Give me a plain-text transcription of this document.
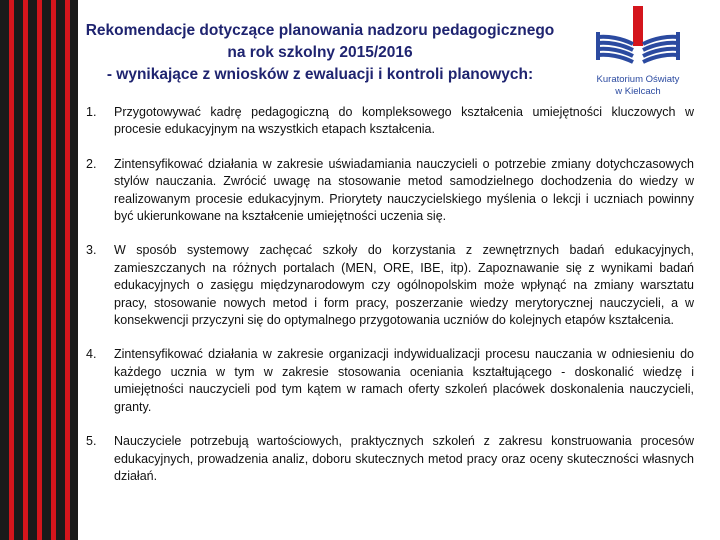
Rekomendacje dotyczące planowania nadzoru pedagogicznego
na rok szkolny 2015/2016
- wynikające z wniosków z ewaluacji i kontroli planowych:	Kuratorium Oświaty
w Kielcach
1. Przygotowywać kadrę pedagogiczną do kompleksowego kształcenia umiejętności kluczowych w procesie edukacyjnym na wszystkich etapach kształcenia.
2. Zintensyfikować działania w zakresie uświadamiania nauczycieli o potrzebie zmiany dotychczasowych stylów nauczania. Zwrócić uwagę na stosowanie metod samodzielnego dochodzenia do wiedzy w realizowanym procesie edukacyjnym. Priorytety nauczycielskiego myślenia o lekcji i uczniach powinny być ukierunkowane na kształcenie umiejętności uczenia się.
3. W sposób systemowy zachęcać szkoły do korzystania z zewnętrznych badań edukacyjnych, zamieszczanych na różnych portalach (MEN, ORE, IBE, itp). Zapoznawanie się z wynikami badań edukacyjnych o zasięgu międzynarodowym czy ogólnopolskim może wpłynąć na zmiany warsztatu pracy, stosowanie nowych metod i form pracy, poszerzanie wiedzy merytorycznej nauczycieli, a w konsekwencji przyczyni się do optymalnego przygotowania uczniów do kolejnych etapów kształcenia.
4. Zintensyfikować działania w zakresie organizacji indywidualizacji procesu nauczania w odniesieniu do każdego ucznia w tym w zakresie stosowania oceniania kształtującego - doskonalić wiedzę i umiejętności nauczycieli pod tym kątem w ramach oferty szkoleń placówek doskonalenia nauczycieli, granty.
5. Nauczyciele potrzebują wartościowych, praktycznych szkoleń z zakresu konstruowania procesów edukacyjnych, prowadzenia analiz, doboru skutecznych metod pracy oraz oceny skuteczności własnych działań.
